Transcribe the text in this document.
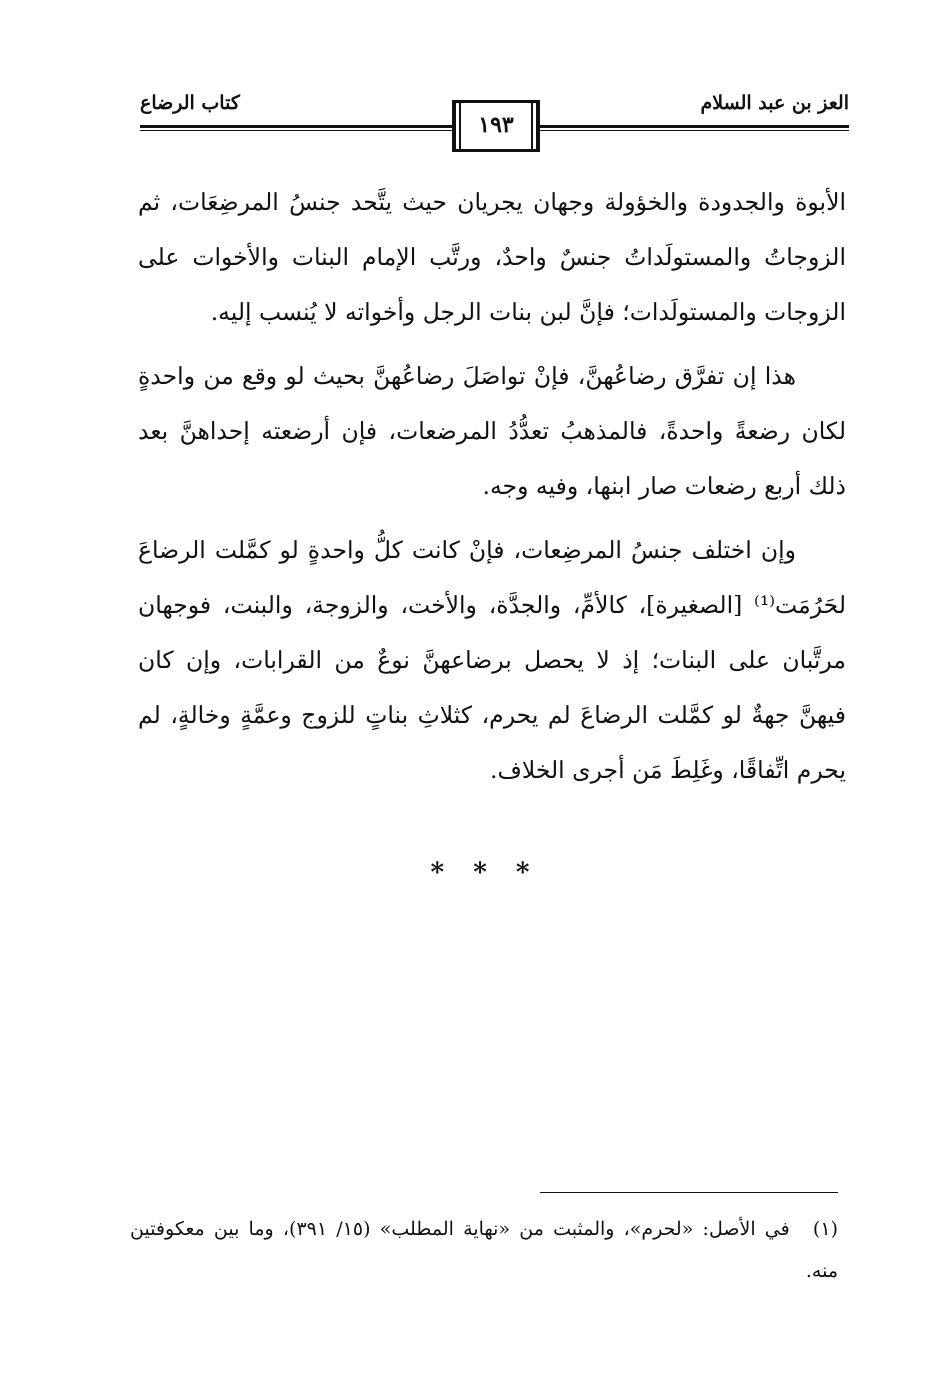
العز بن عبد السلام
كتاب الرضاع
١٩٣

الأبوة والجدودة والخؤولة وجهان يجريان حيث يتَّحد جنسُ المرضِعَات، ثم الزوجاتُ والمستولَداتُ جنسٌ واحدٌ، ورتَّب الإمام البنات والأخوات على الزوجات والمستولَدات؛ فإنَّ لبن بنات الرجل وأخواته لا يُنسب إليه.

هذا إن تفرَّق رضاعُهنَّ، فإنْ تواصَلَ رضاعُهنَّ بحيث لو وقع من واحدةٍ لكان رضعةً واحدةً، فالمذهبُ تعدُّدُ المرضعات، فإن أرضعته إحداهنَّ بعد ذلك أربع رضعات صار ابنها، وفيه وجه.

وإن اختلف جنسُ المرضِعات، فإنْ كانت كلُّ واحدةٍ لو كمَّلت الرضاعَ لحَرُمَت⁽¹⁾ [الصغيرة]، كالأمِّ، والجدَّة، والأخت، والزوجة، والبنت، فوجهان مرتَّبان على البنات؛ إذ لا يحصل برضاعهنَّ نوعٌ من القرابات، وإن كان فيهنَّ جهةٌ لو كمَّلت الرضاعَ لم يحرم، كثلاثِ بناتٍ للزوج وعمَّةٍ وخالةٍ، لم يحرم اتِّفاقًا، وغَلِطَ مَن أجرى الخلاف.

* * *
(١) في الأصل: «لحرم»، والمثبت من «نهاية المطلب» (١٥/ ٣٩١)، وما بين معكوفتين منه.
